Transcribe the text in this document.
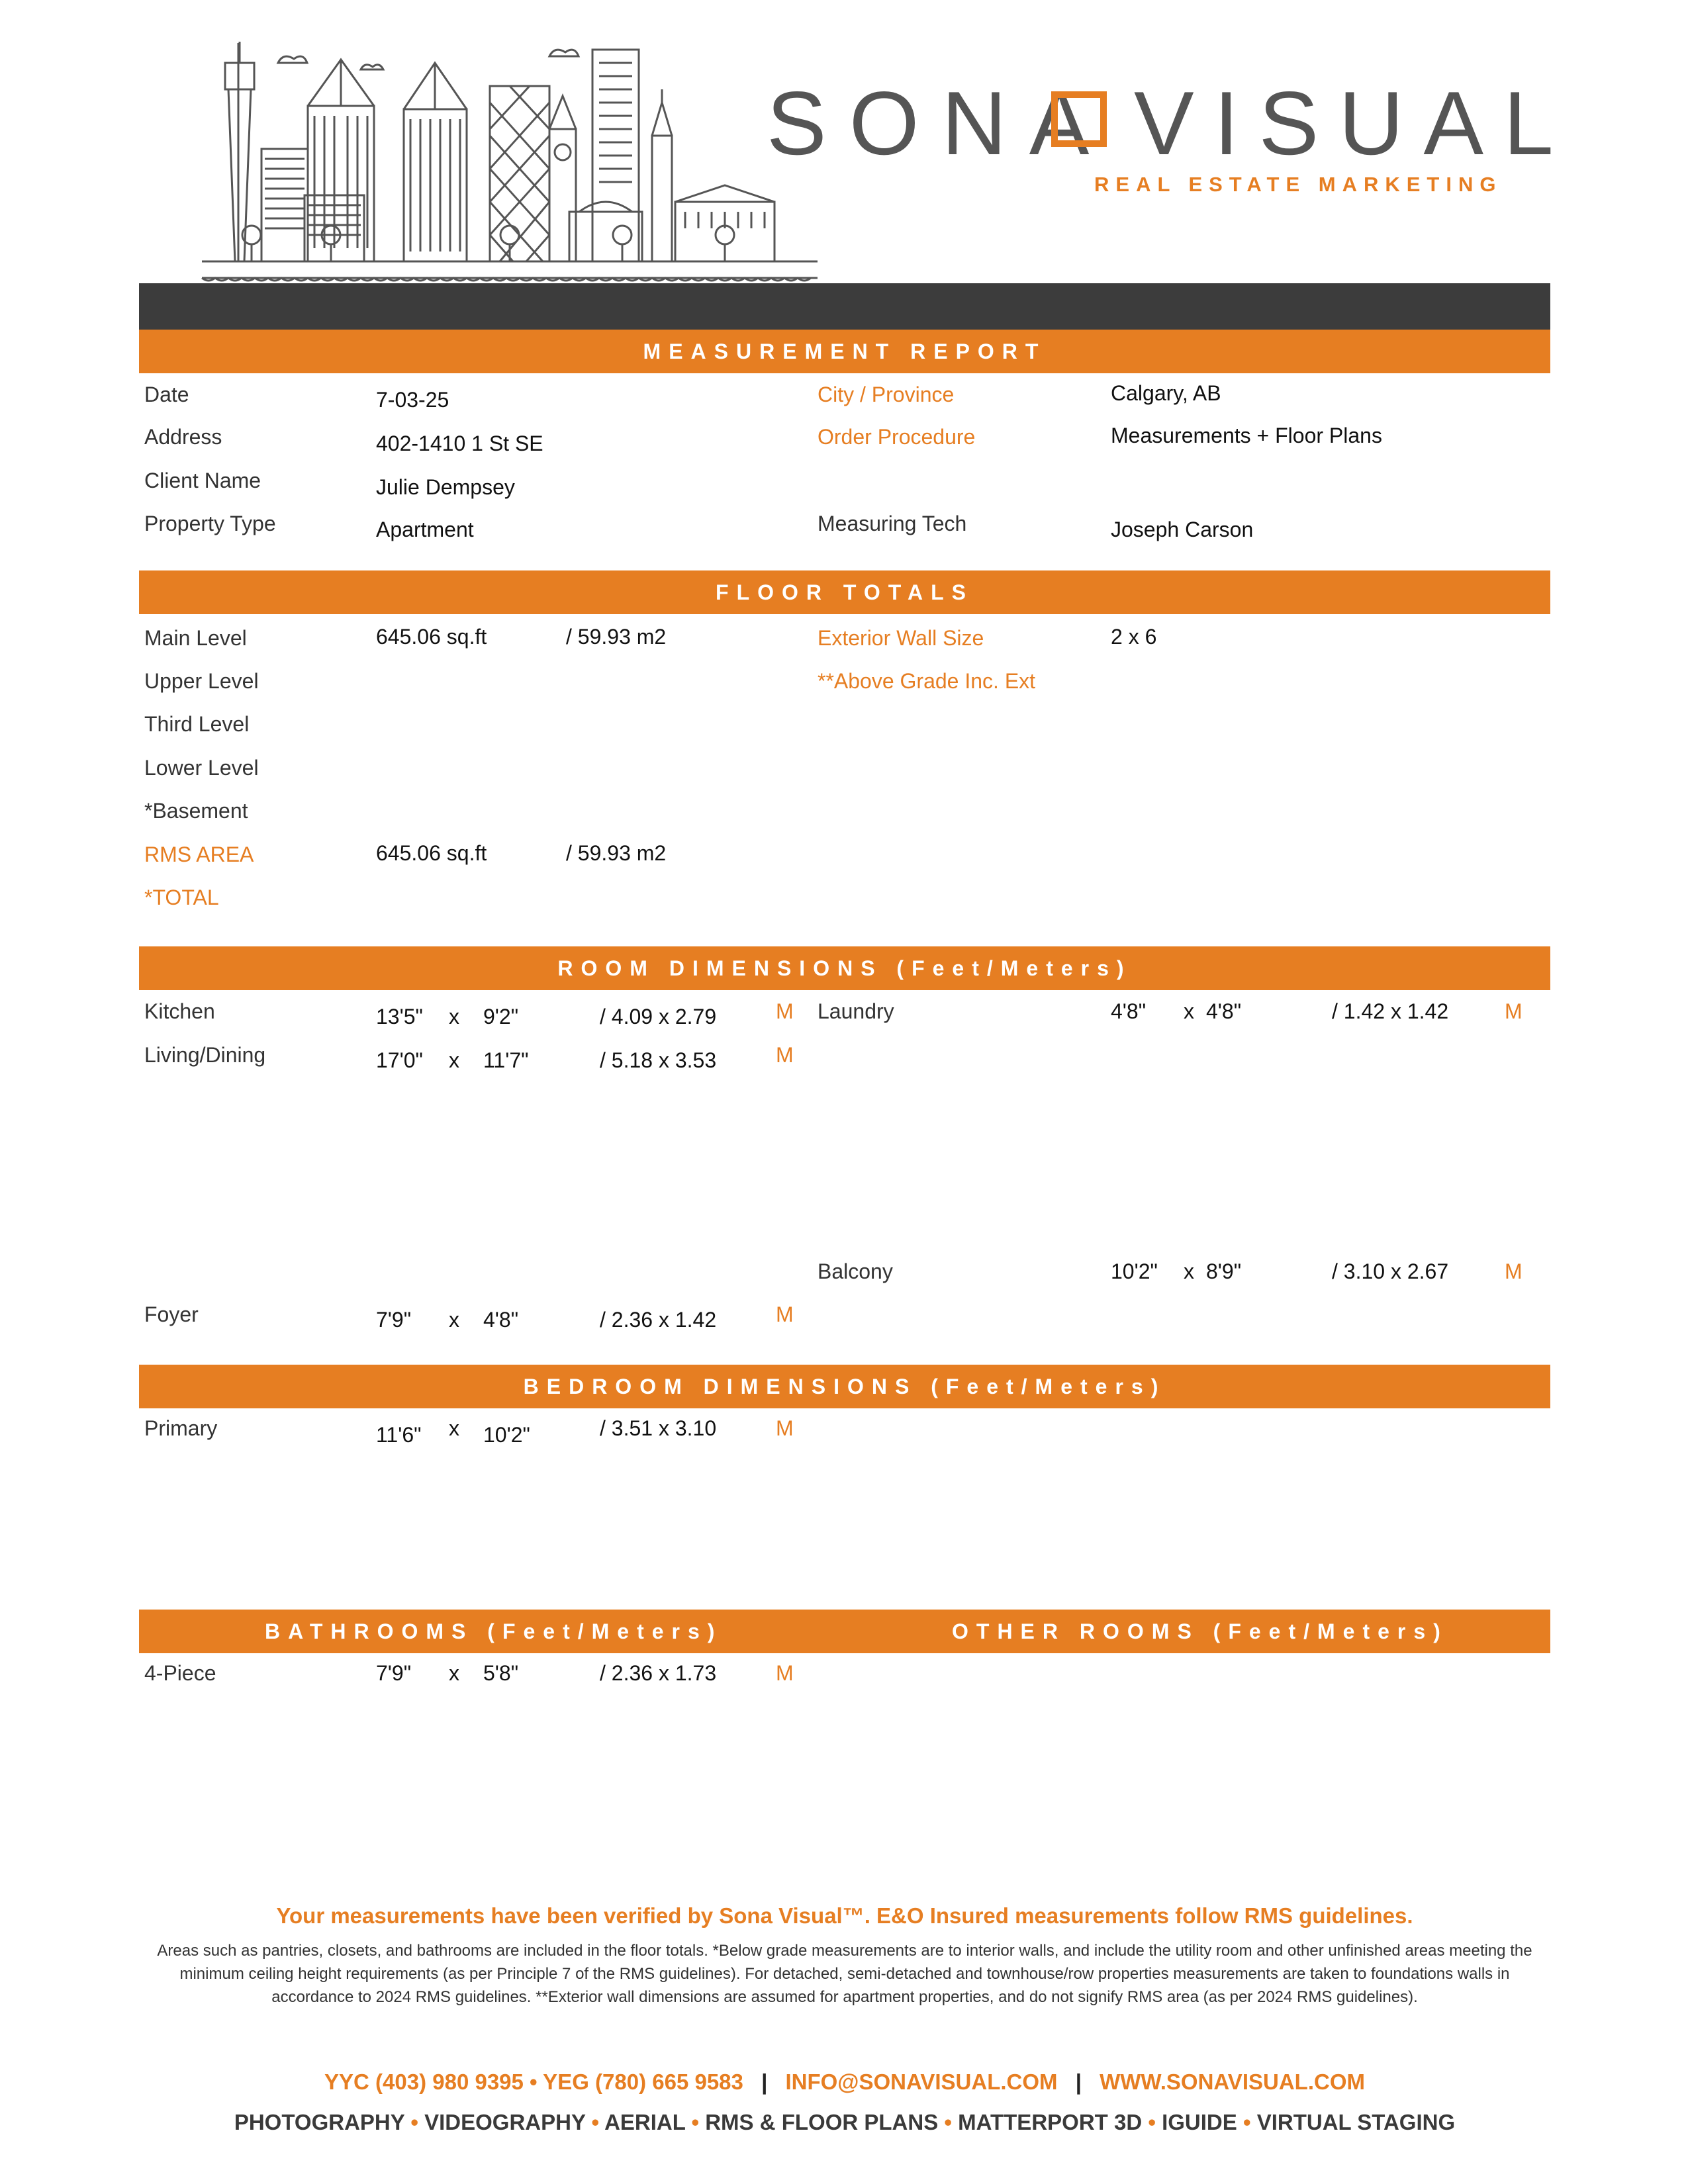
SONA VISUAL
REAL ESTATE MARKETING
MEASUREMENT REPORT
Date	7-03-25
Address	402-1410 1 St SE
Client Name	Julie Dempsey
Property Type	Apartment
City / Province	Calgary, AB
Order Procedure	Measurements + Floor Plans
Measuring Tech	Joseph Carson
FLOOR TOTALS
Main Level	645.06 sq.ft	/ 59.93 m2
Upper Level
Third Level
Lower Level
*Basement
RMS AREA	645.06 sq.ft	/ 59.93 m2
*TOTAL
Exterior Wall Size	2 x 6
**Above Grade Inc. Ext
ROOM DIMENSIONS (Feet/Meters)
Kitchen	13'5" x 9'2"	/ 4.09 x 2.79	M
Living/Dining	17'0" x 11'7"	/ 5.18 x 3.53	M
Laundry	4'8" x 4'8"	/ 1.42 x 1.42	M
Balcony	10'2" x 8'9"	/ 3.10 x 2.67	M
Foyer	7'9" x 4'8"	/ 2.36 x 1.42	M
BEDROOM DIMENSIONS (Feet/Meters)
Primary	11'6" x 10'2"	/ 3.51 x 3.10	M
BATHROOMS (Feet/Meters)	OTHER ROOMS (Feet/Meters)
4-Piece	7'9" x 5'8"	/ 2.36 x 1.73	M
Your measurements have been verified by Sona Visual™. E&O Insured measurements follow RMS guidelines.
Areas such as pantries, closets, and bathrooms are included in the floor totals. *Below grade measurements are to interior walls, and include the utility room and other unfinished areas meeting the minimum ceiling height requirements (as per Principle 7 of the RMS guidelines). For detached, semi-detached and townhouse/row properties measurements are taken to foundations walls in accordance to 2024 RMS guidelines. **Exterior wall dimensions are assumed for apartment properties, and do not signify RMS area (as per 2024 RMS guidelines).
YYC (403) 980 9395 • YEG (780) 665 9583 | INFO@SONAVISUAL.COM | WWW.SONAVISUAL.COM
PHOTOGRAPHY • VIDEOGRAPHY • AERIAL • RMS & FLOOR PLANS • MATTERPORT 3D • IGUIDE • VIRTUAL STAGING
